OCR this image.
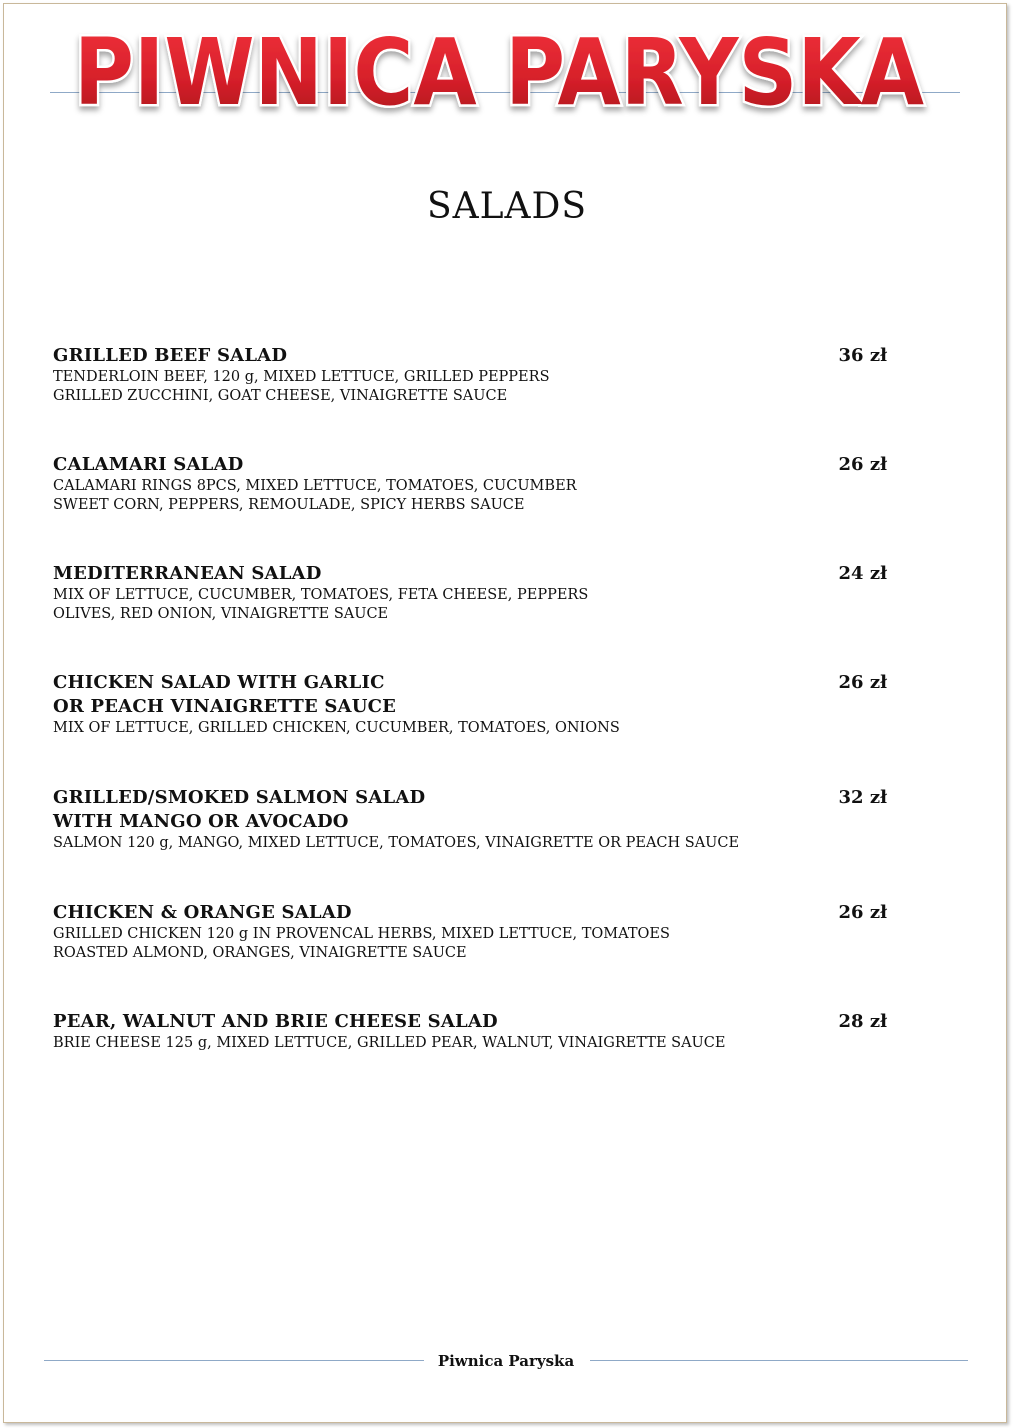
PIWNICA PARYSKA
SALADS
GRILLED BEEF SALAD	36 zł
TENDERLOIN BEEF, 120 g, MIXED LETTUCE, GRILLED PEPPERS
GRILLED ZUCCHINI, GOAT CHEESE, VINAIGRETTE SAUCE
CALAMARI SALAD	26 zł
CALAMARI RINGS 8PCS, MIXED LETTUCE, TOMATOES, CUCUMBER
SWEET CORN, PEPPERS, REMOULADE, SPICY HERBS SAUCE
MEDITERRANEAN SALAD	24 zł
MIX OF LETTUCE, CUCUMBER, TOMATOES, FETA CHEESE, PEPPERS
OLIVES, RED ONION, VINAIGRETTE SAUCE
CHICKEN SALAD WITH GARLIC
OR PEACH VINAIGRETTE SAUCE
26 zł
MIX OF LETTUCE, GRILLED CHICKEN, CUCUMBER, TOMATOES, ONIONS
GRILLED/SMOKED SALMON SALAD
WITH MANGO OR AVOCADO
32 zł
SALMON 120 g, MANGO, MIXED LETTUCE, TOMATOES, VINAIGRETTE OR PEACH SAUCE
CHICKEN & ORANGE SALAD	26 zł
GRILLED CHICKEN 120 g IN PROVENCAL HERBS, MIXED LETTUCE, TOMATOES
ROASTED ALMOND, ORANGES, VINAIGRETTE SAUCE
PEAR, WALNUT AND BRIE CHEESE SALAD	28 zł
BRIE CHEESE 125 g, MIXED LETTUCE, GRILLED PEAR, WALNUT, VINAIGRETTE SAUCE
Piwnica Paryska
